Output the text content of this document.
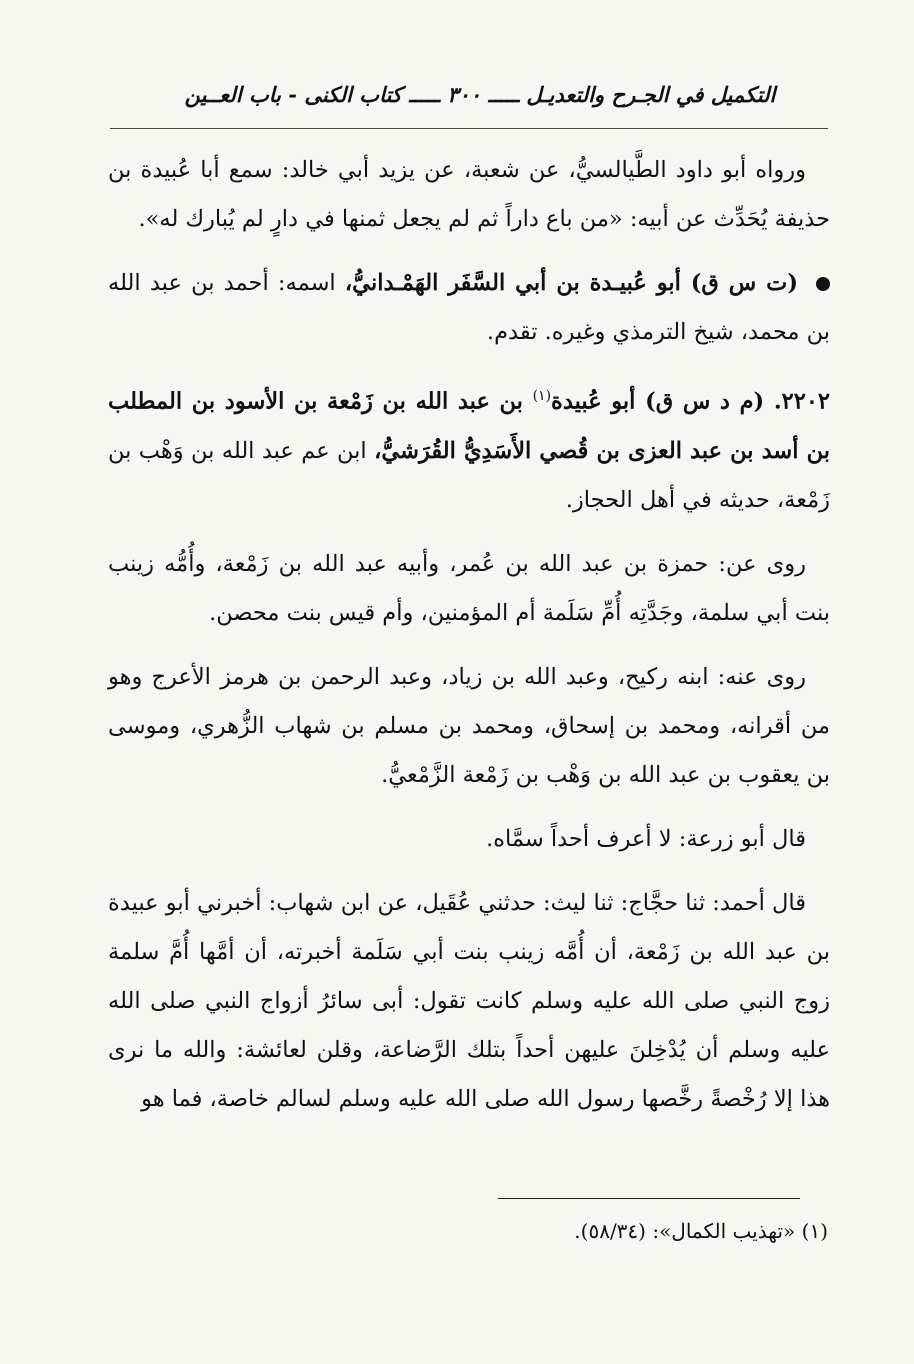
التكميل في الجـرح والتعديـل ـــــ ٣٠٠ ـــــ كتاب الكنى - باب العــين

ورواه أبو داود الطَّيالسيُّ، عن شعبة، عن يزيد أبي خالد: سمع أبا عُبيدة بن حذيفة يُحَدِّث عن أبيه: «من باع داراً ثم لم يجعل ثمنها في دارٍ لم يُبارك له».

(ت س ق) أبو عُبيـدة بن أبي السَّفَر الهَمْـدانيُّ، اسمه: أحمد بن عبد الله بن محمد، شيخ الترمذي وغيره. تقدم.

٢٢٠٢. (م د س ق) أبو عُبيدة$^{(١)}$ بن عبد الله بن زَمْعة بن الأسود بن المطلب بن أسد بن عبد العزى بن قُصي الأَسَدِيُّ القُرَشيُّ، ابن عم عبد الله بن وَهْب بن زَمْعة، حديثه في أهل الحجاز.

روى عن: حمزة بن عبد الله بن عُمر، وأبيه عبد الله بن زَمْعة، وأُمُّه زينب بنت أبي سلمة، وجَدَّتِه أُمِّ سَلَمة أم المؤمنين، وأم قيس بنت محصن.

روى عنه: ابنه ركيح، وعبد الله بن زياد، وعبد الرحمن بن هرمز الأعرج وهو من أقرانه، ومحمد بن إسحاق، ومحمد بن مسلم بن شهاب الزُّهري، وموسى بن يعقوب بن عبد الله بن وَهْب بن زَمْعة الزَّمْعيُّ.

قال أبو زرعة: لا أعرف أحداً سمَّاه.

قال أحمد: ثنا حجَّاج: ثنا ليث: حدثني عُقَيل، عن ابن شهاب: أخبرني أبو عبيدة بن عبد الله بن زَمْعة، أن أُمَّه زينب بنت أبي سَلَمة أخبرته، أن أمَّها أُمَّ سلمة زوج النبي صلى الله عليه وسلم كانت تقول: أبى سائرُ أزواج النبي صلى الله عليه وسلم أن يُدْخِلنَ عليهن أحداً بتلك الرَّضاعة، وقلن لعائشة: والله ما نرى هذا إلا رُخْصةً رخَّصها رسول الله صلى الله عليه وسلم لسالم خاصة، فما هو

(١) «تهذيب الكمال»: (٥٨/٣٤).
